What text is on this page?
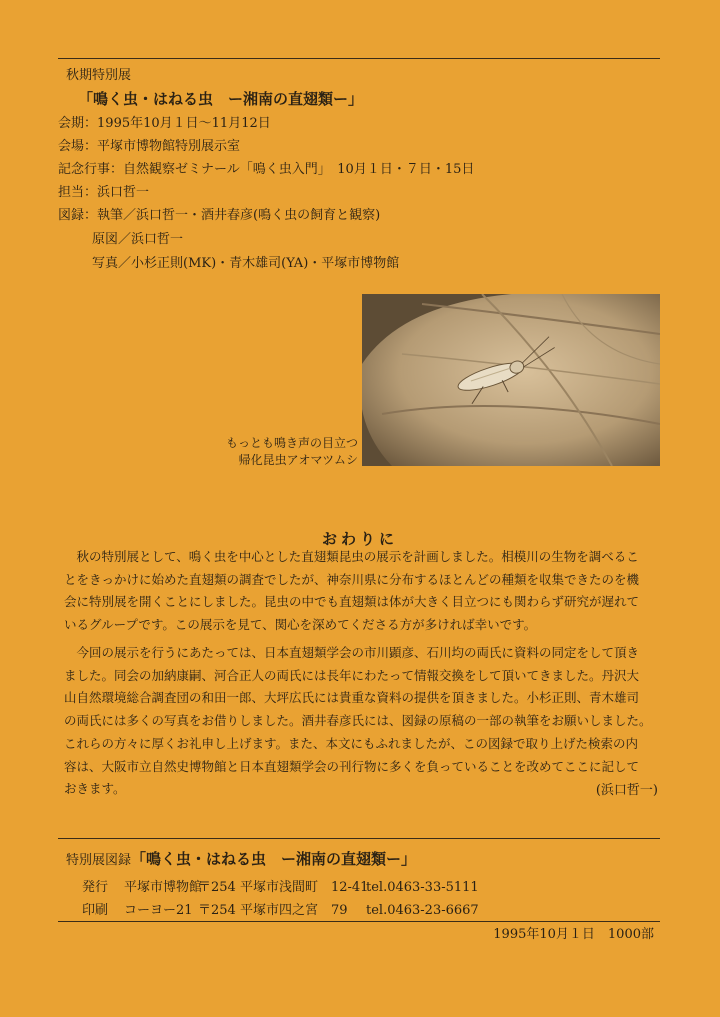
秋期特別展
「鳴く虫・はねる虫　ー湘南の直翅類ー」
会期：1995年10月１日～11月12日
会場：平塚市博物館特別展示室
記念行事：自然観察ゼミナール「鳴く虫入門」　10月１日・７日・15日
担当：浜口哲一
図録：執筆／浜口哲一・酒井春彦(鳴く虫の飼育と観察)
原図／浜口哲一
写真／小杉正則(MK)・青木雄司(YA)・平塚市博物館
もっとも鳴き声の目立つ
帰化昆虫アオマツムシ
おわりに
秋の特別展として、鳴く虫を中心とした直翅類昆虫の展示を計画しました。相模川の生物を調べるこ
とをきっかけに始めた直翅類の調査でしたが、神奈川県に分布するほとんどの種類を収集できたのを機
会に特別展を開くことにしました。昆虫の中でも直翅類は体が大きく目立つにも関わらず研究が遅れて
いるグループです。この展示を見て、関心を深めてくださる方が多ければ幸いです。
今回の展示を行うにあたっては、日本直翅類学会の市川顕彦、石川均の両氏に資料の同定をして頂き
ました。同会の加納康嗣、河合正人の両氏には長年にわたって情報交換をして頂いてきました。丹沢大
山自然環境総合調査団の和田一郎、大坪広氏には貴重な資料の提供を頂きました。小杉正則、青木雄司
の両氏には多くの写真をお借りしました。酒井春彦氏には、図録の原稿の一部の執筆をお願いしました。
これらの方々に厚くお礼申し上げます。また、本文にもふれましたが、この図録で取り上げた検索の内
容は、大阪市立自然史博物館と日本直翅類学会の刊行物に多くを負っていることを改めてここに記して
おきます。	(浜口哲一)
特別展図録「鳴く虫・はねる虫　ー湘南の直翅類ー」
発行 平塚市博物館
〒254 平塚市浅間町　12-41
tel.0463-33-5111
印刷 コーヨー21 〒254 平塚市四之宮　79 tel.0463-23-6667
1995年10月１日　1000部
